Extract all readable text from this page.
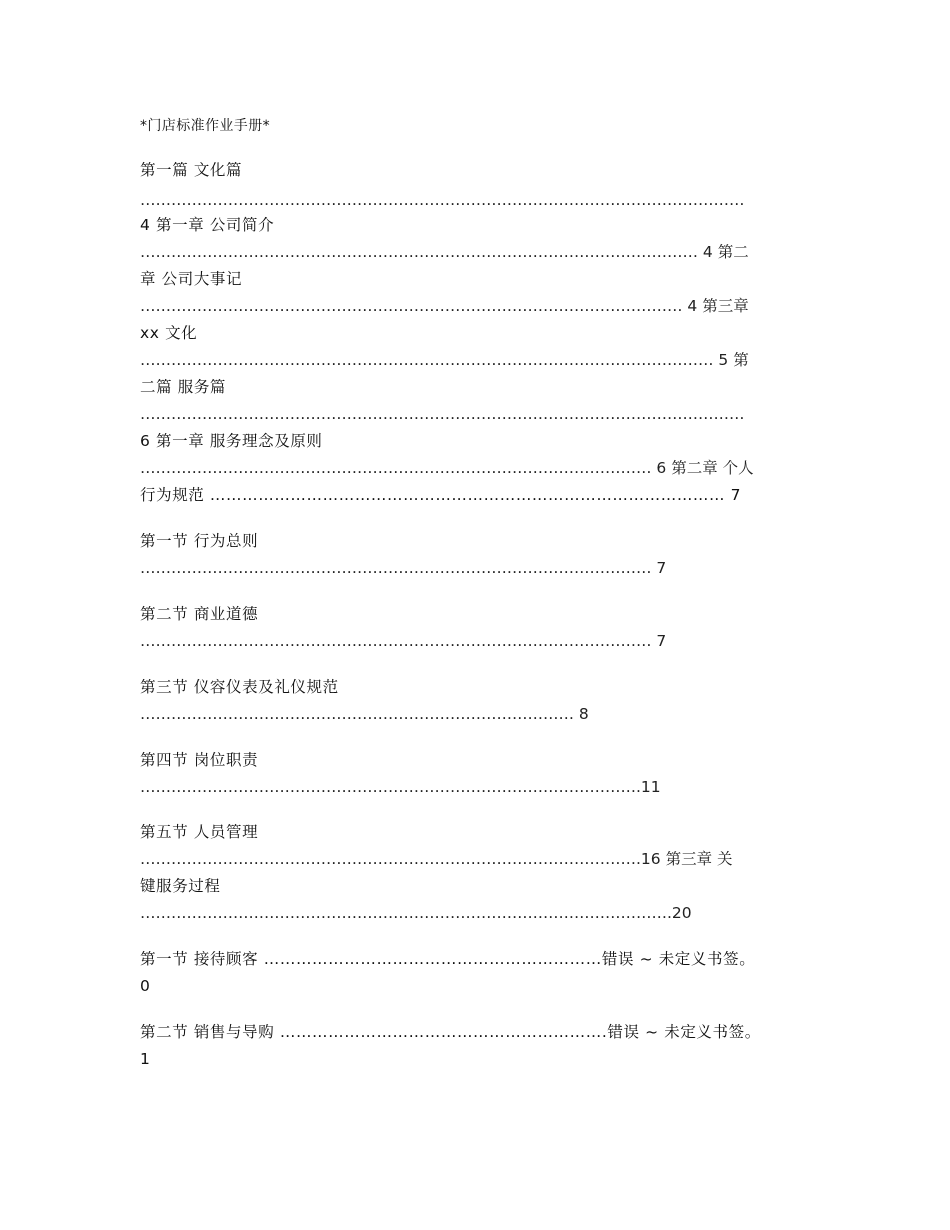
*门店标准作业手册*
第一篇 文化篇
………………………………………………………………………………………………………
4 第一章 公司简介
……………………………………………………………………………………………… 4 第二
章 公司大事记
…………………………………………………………………………………………… 4 第三章
xx 文化
………………………………………………………………………………………………… 5 第
二篇 服务篇
………………………………………………………………………………………………………
6 第一章 服务理念及原则
……………………………………………………………………………………… 6 第二章 个人
行为规范 …………………………………………………………………………………… 7
第一节 行为总则
……………………………………………………………………………………… 7
第二节 商业道德
……………………………………………………………………………………… 7
第三节 仪容仪表及礼仪规范
………………………………………………………………………… 8
第四节 岗位职责
…………………………………………………………………………………….11
第五节 人员管理
…………………………………………………………………………………….16 第三章 关
键服务过程
………………………………………………………………………………………….20
第一节 接待顾客 ………………………………………………………错误 ~ 未定义书签。
0
第二节 销售与导购 …………………………………………………….错误 ~ 未定义书签。
1
